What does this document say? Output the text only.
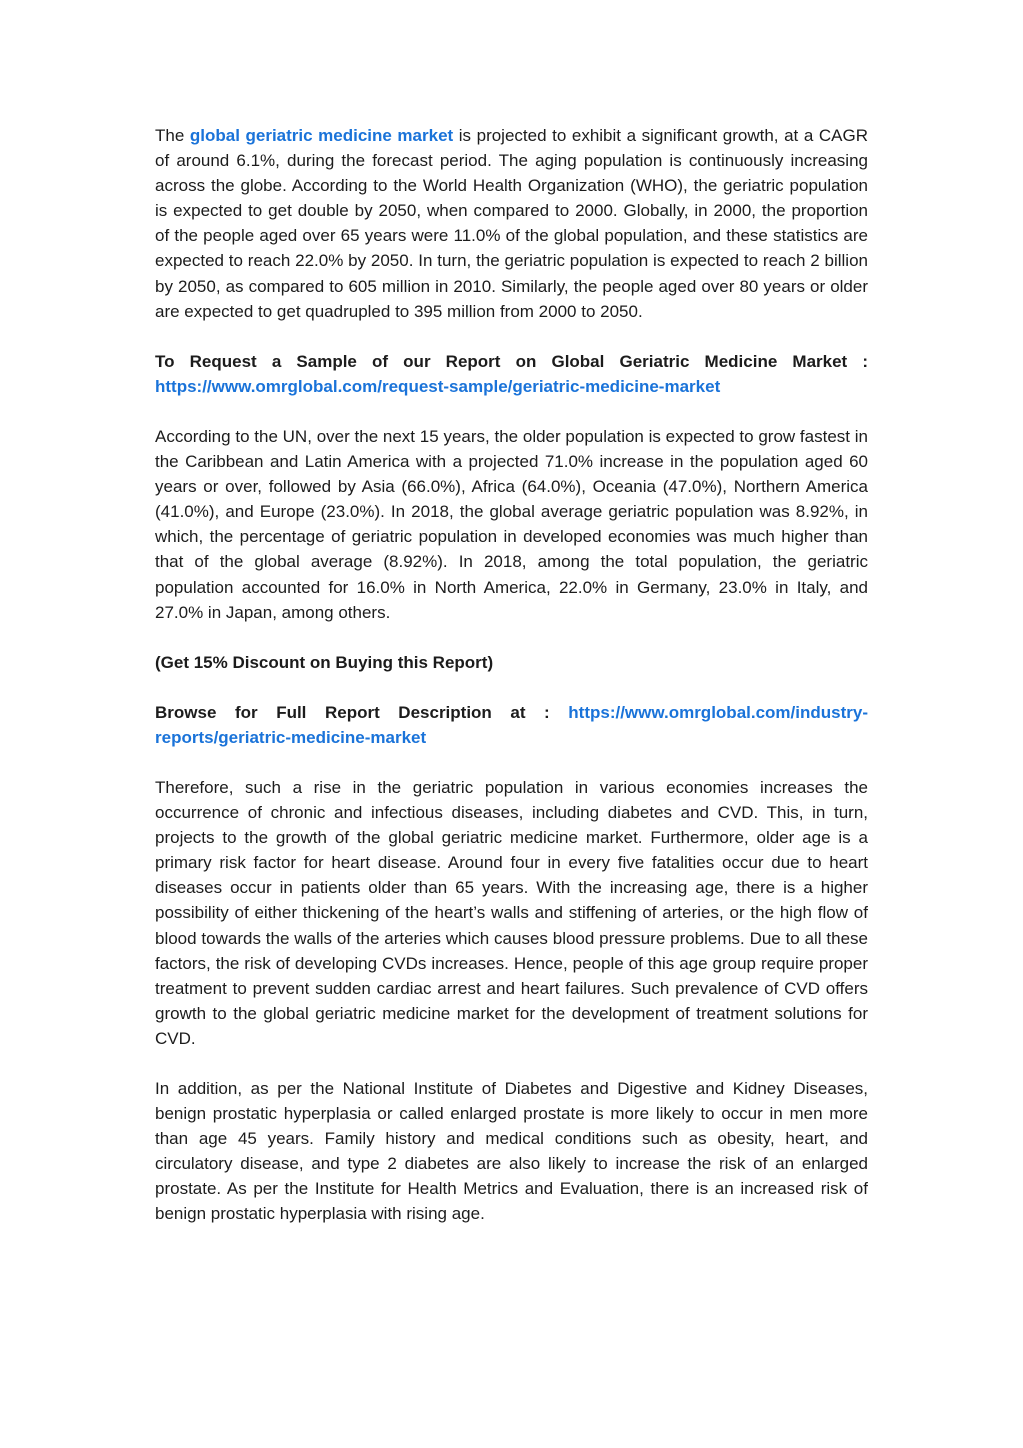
The global geriatric medicine market is projected to exhibit a significant growth, at a CAGR of around 6.1%, during the forecast period. The aging population is continuously increasing across the globe. According to the World Health Organization (WHO), the geriatric population is expected to get double by 2050, when compared to 2000. Globally, in 2000, the proportion of the people aged over 65 years were 11.0% of the global population, and these statistics are expected to reach 22.0% by 2050. In turn, the geriatric population is expected to reach 2 billion by 2050, as compared to 605 million in 2010. Similarly, the people aged over 80 years or older are expected to get quadrupled to 395 million from 2000 to 2050.

To Request a Sample of our Report on Global Geriatric Medicine Market :
https://www.omrglobal.com/request-sample/geriatric-medicine-market

According to the UN, over the next 15 years, the older population is expected to grow fastest in the Caribbean and Latin America with a projected 71.0% increase in the population aged 60 years or over, followed by Asia (66.0%), Africa (64.0%), Oceania (47.0%), Northern America (41.0%), and Europe (23.0%). In 2018, the global average geriatric population was 8.92%, in which, the percentage of geriatric population in developed economies was much higher than that of the global average (8.92%). In 2018, among the total population, the geriatric population accounted for 16.0% in North America, 22.0% in Germany, 23.0% in Italy, and 27.0% in Japan, among others.

(Get 15% Discount on Buying this Report)

Browse for Full Report Description at : https://www.omrglobal.com/industry-reports/geriatric-medicine-market

Therefore, such a rise in the geriatric population in various economies increases the occurrence of chronic and infectious diseases, including diabetes and CVD. This, in turn, projects to the growth of the global geriatric medicine market. Furthermore, older age is a primary risk factor for heart disease. Around four in every five fatalities occur due to heart diseases occur in patients older than 65 years. With the increasing age, there is a higher possibility of either thickening of the heart’s walls and stiffening of arteries, or the high flow of blood towards the walls of the arteries which causes blood pressure problems. Due to all these factors, the risk of developing CVDs increases. Hence, people of this age group require proper treatment to prevent sudden cardiac arrest and heart failures. Such prevalence of CVD offers growth to the global geriatric medicine market for the development of treatment solutions for CVD.

In addition, as per the National Institute of Diabetes and Digestive and Kidney Diseases, benign prostatic hyperplasia or called enlarged prostate is more likely to occur in men more than age 45 years. Family history and medical conditions such as obesity, heart, and circulatory disease, and type 2 diabetes are also likely to increase the risk of an enlarged prostate. As per the Institute for Health Metrics and Evaluation, there is an increased risk of benign prostatic hyperplasia with rising age.
